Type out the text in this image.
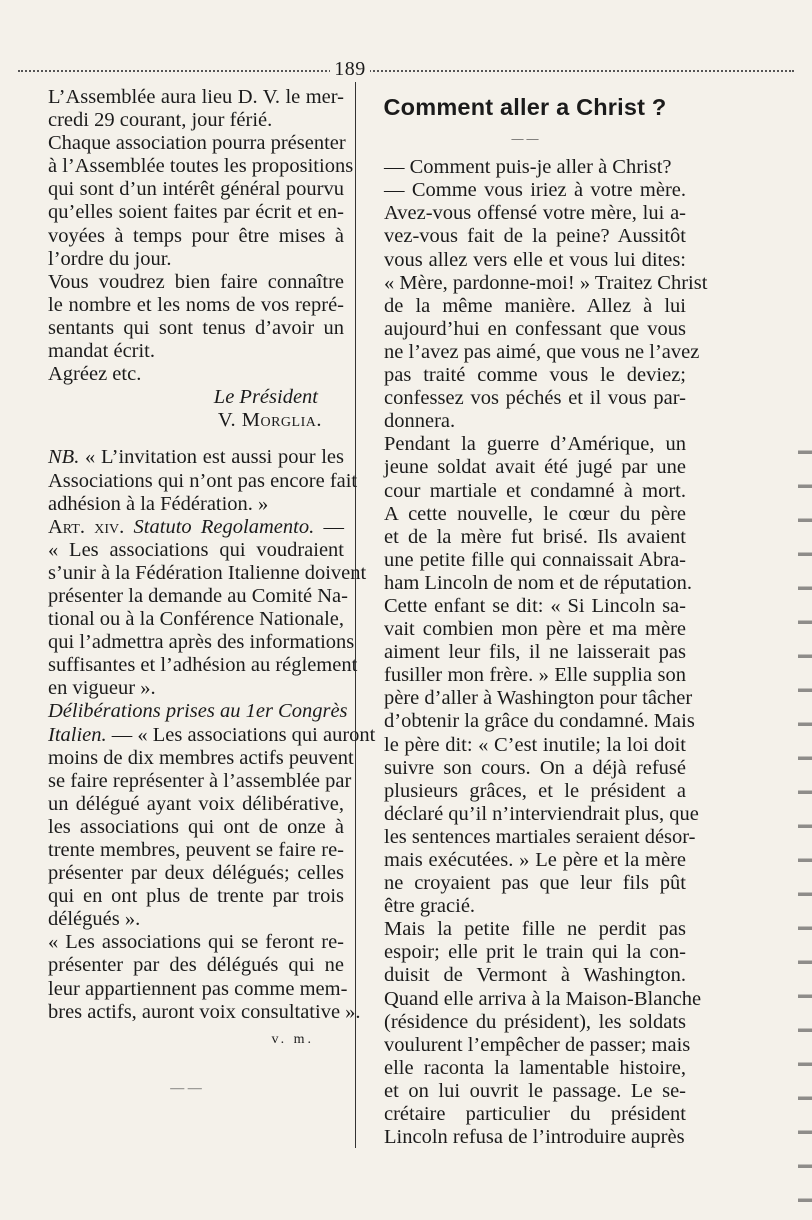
189

L’Assemblée aura lieu D. V. le mer-
credi 29 courant, jour férié.

Chaque association pourra présenter
à l’Assemblée toutes les propositions
qui sont d’un intérêt général pourvu
qu’elles soient faites par écrit et en-
voyées à temps pour être mises à
l’ordre du jour.

Vous voudrez bien faire connaître
le nombre et les noms de vos repré-
sentants qui sont tenus d’avoir un
mandat écrit.

Agréez etc.

Le Président

V. Morglia.

NB. « L’invitation est aussi pour les
Associations qui n’ont pas encore fait
adhésion à la Fédération. »

Art. xiv. Statuto Regolamento. —
« Les associations qui voudraient
s’unir à la Fédération Italienne doivent
présenter la demande au Comité Na-
tional ou à la Conférence Nationale,
qui l’admettra après des informations
suffisantes et l’adhésion au réglement
en vigueur ».

Délibérations prises au 1er Congrès
Italien. — « Les associations qui auront
moins de dix membres actifs peuvent
se faire représenter à l’assemblée par
un délégué ayant voix délibérative,
les associations qui ont de onze à
trente membres, peuvent se faire re-
présenter par deux délégués; celles
qui en ont plus de trente par trois
délégués ».

« Les associations qui se feront re-
présenter par des délégués qui ne
leur appartiennent pas comme mem-
bres actifs, auront voix consultative ».

v. m.

— —

Comment aller a Christ ?
— —

— Comment puis-je aller à Christ?

— Comme vous iriez à votre mère.
Avez-vous offensé votre mère, lui a-
vez-vous fait de la peine? Aussitôt
vous allez vers elle et vous lui dites:
« Mère, pardonne-moi! » Traitez Christ
de la même manière. Allez à lui
aujourd’hui en confessant que vous
ne l’avez pas aimé, que vous ne l’avez
pas traité comme vous le deviez;
confessez vos péchés et il vous par-
donnera.

Pendant la guerre d’Amérique, un
jeune soldat avait été jugé par une
cour martiale et condamné à mort.
A cette nouvelle, le cœur du père
et de la mère fut brisé. Ils avaient
une petite fille qui connaissait Abra-
ham Lincoln de nom et de réputation.
Cette enfant se dit: « Si Lincoln sa-
vait combien mon père et ma mère
aiment leur fils, il ne laisserait pas
fusiller mon frère. » Elle supplia son
père d’aller à Washington pour tâcher
d’obtenir la grâce du condamné. Mais
le père dit: « C’est inutile; la loi doit
suivre son cours. On a déjà refusé
plusieurs grâces, et le président a
déclaré qu’il n’interviendrait plus, que
les sentences martiales seraient désor-
mais exécutées. » Le père et la mère
ne croyaient pas que leur fils pût
être gracié.

Mais la petite fille ne perdit pas
espoir; elle prit le train qui la con-
duisit de Vermont à Washington.
Quand elle arriva à la Maison-Blanche
(résidence du président), les soldats
voulurent l’empêcher de passer; mais
elle raconta la lamentable histoire,
et on lui ouvrit le passage. Le se-
crétaire particulier du président
Lincoln refusa de l’introduire auprès
